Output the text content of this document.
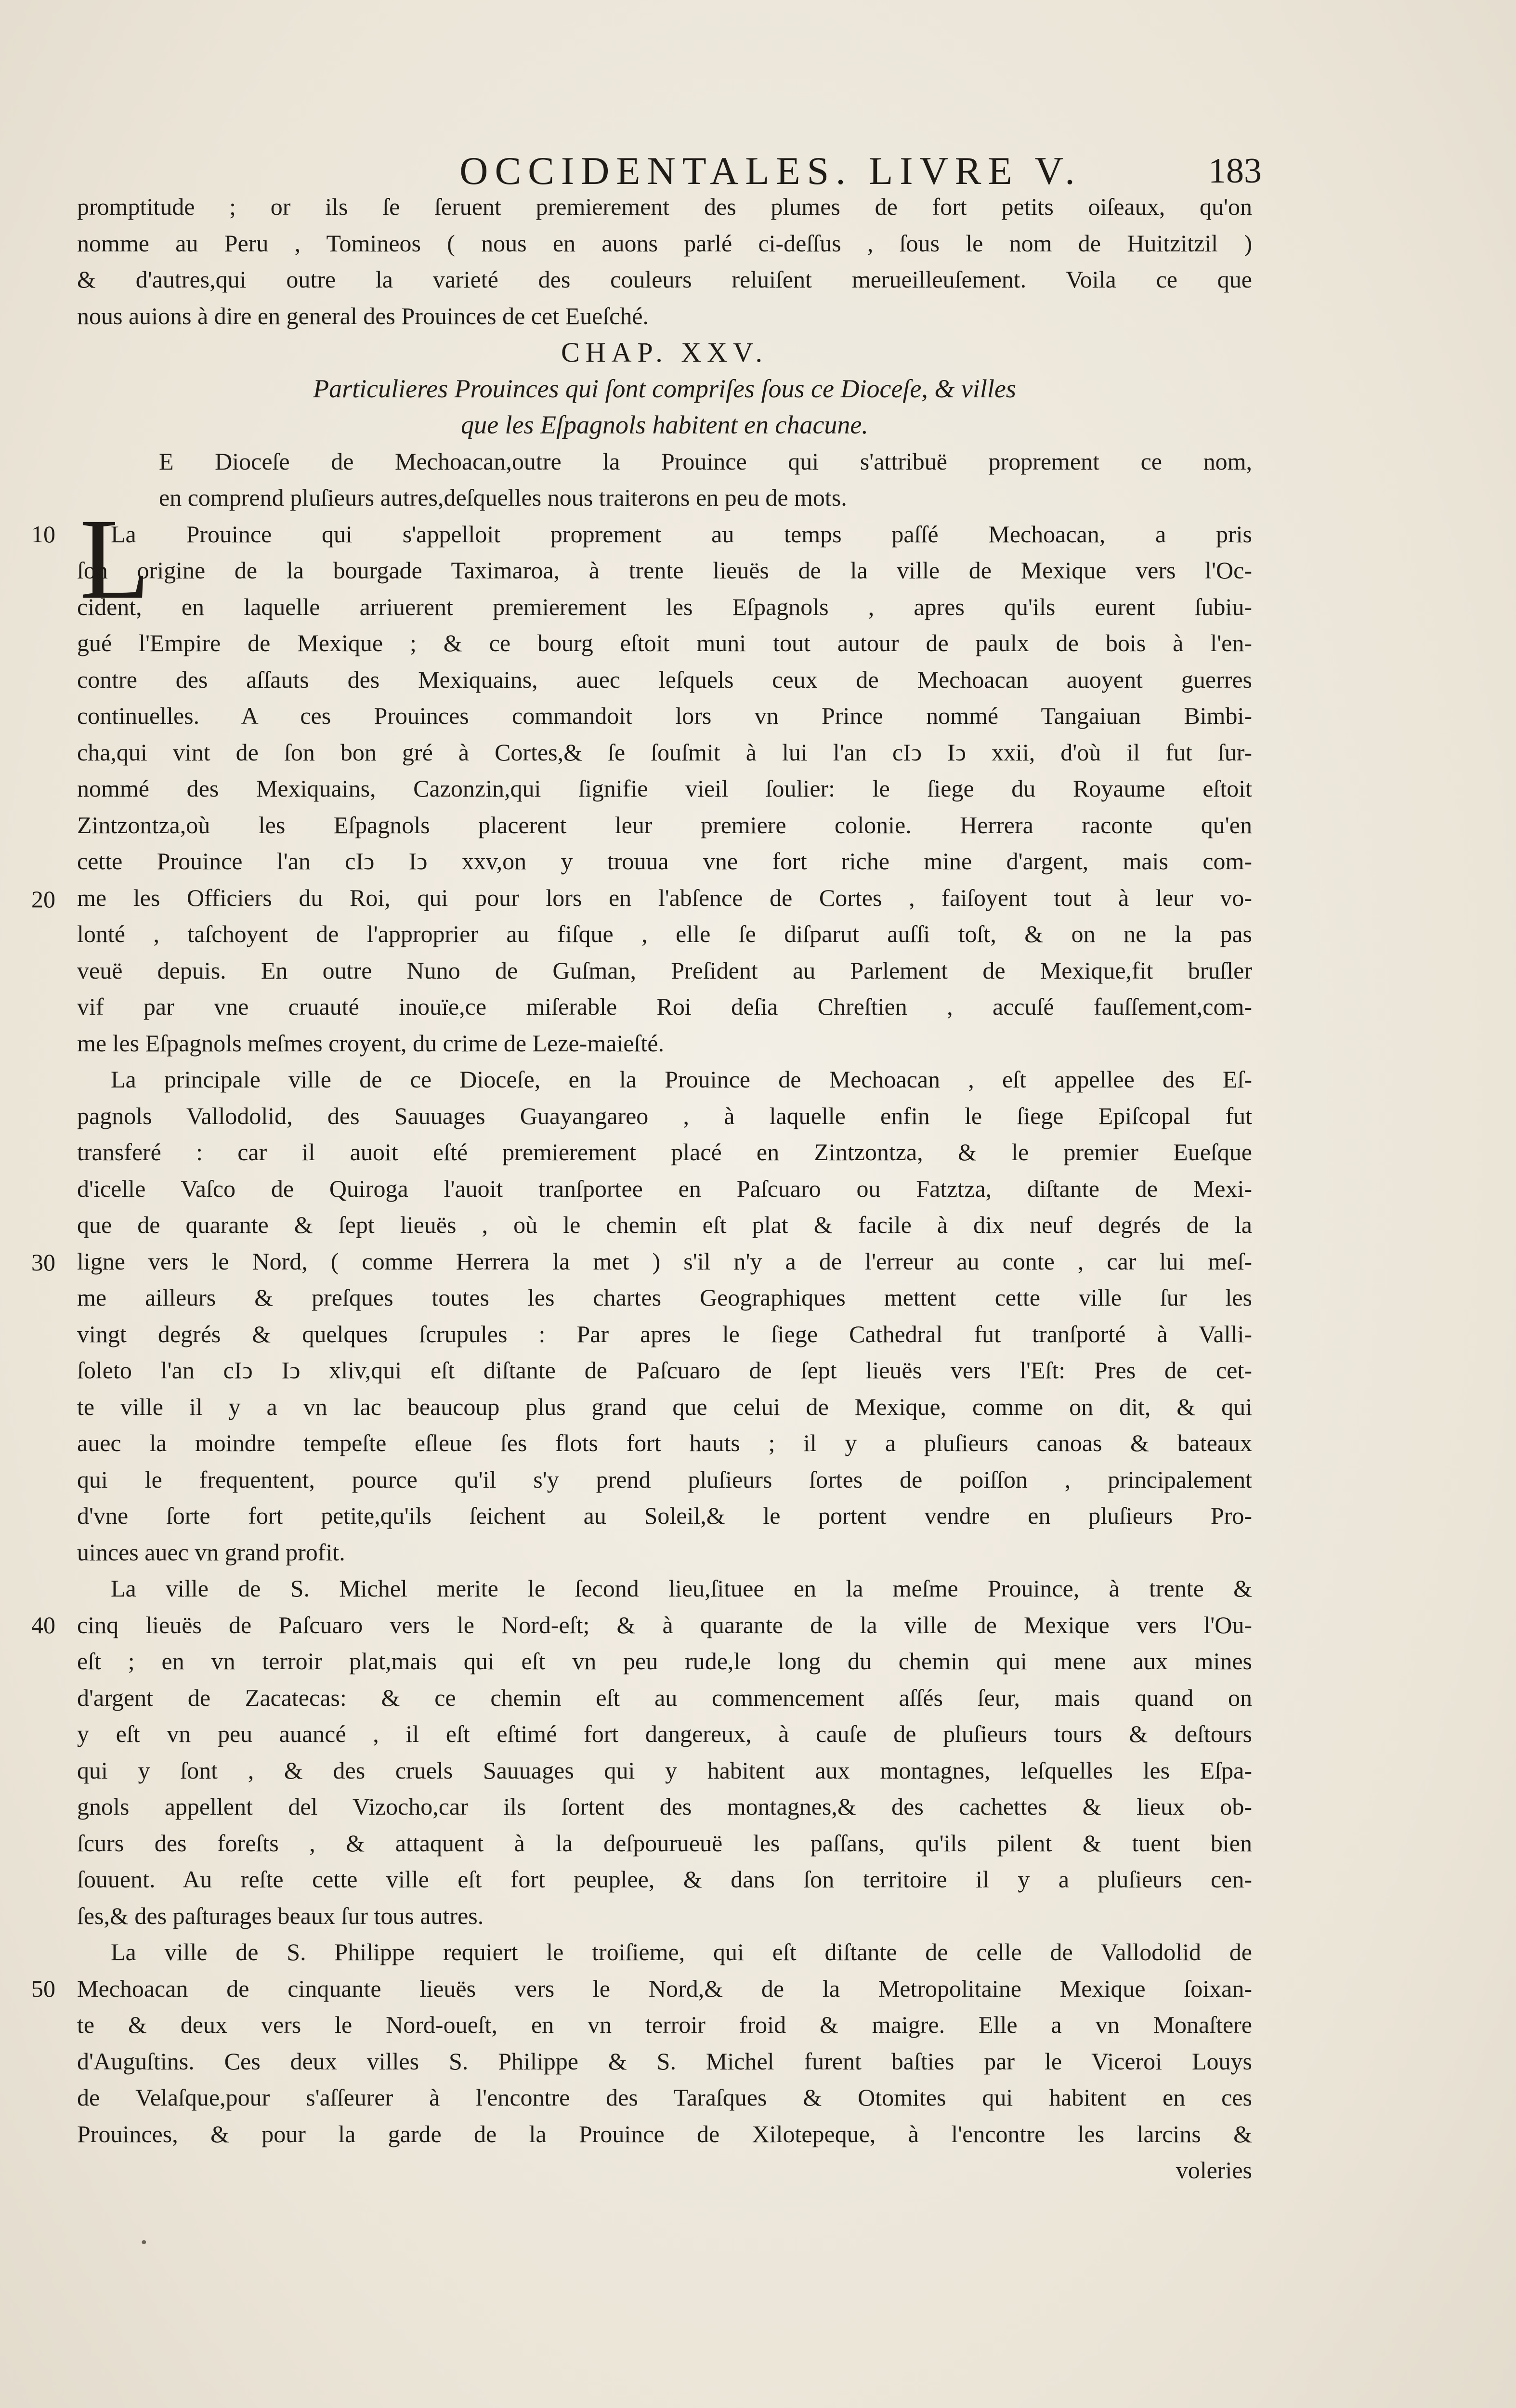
OCCIDENTALES. LIVRE V.	183
L
10
20
30
40
50
promptitude ; or ils ſe ſeruent premierement des plumes de fort petits oiſeaux, qu'on
nomme au Peru , Tomineos ( nous en auons parlé ci-deſſus , ſous le nom de Huitzitzil )
& d'autres,qui outre la varieté des couleurs reluiſent merueilleuſement. Voila ce que
nous auions à dire en general des Prouinces de cet Eueſché.
CHAP. XXV.
Particulieres Prouinces qui ſont compriſes ſous ce Dioceſe, & villes
que les Eſpagnols habitent en chacune.
E Dioceſe de Mechoacan,outre la Prouince qui s'attribuë proprement ce nom,
en comprend pluſieurs autres,deſquelles nous traiterons en peu de mots.
La Prouince qui s'appelloit proprement au temps paſſé Mechoacan, a pris
ſon origine de la bourgade Taximaroa, à trente lieuës de la ville de Mexique vers l'Oc-
cident, en laquelle arriuerent premierement les Eſpagnols , apres qu'ils eurent ſubiu-
gué l'Empire de Mexique ; & ce bourg eſtoit muni tout autour de paulx de bois à l'en-
contre des aſſauts des Mexiquains, auec leſquels ceux de Mechoacan auoyent guerres
continuelles. A ces Prouinces commandoit lors vn Prince nommé Tangaiuan Bimbi-
cha,qui vint de ſon bon gré à Cortes,& ſe ſouſmit à lui l'an cIↄ Iↄ xxii, d'où il fut ſur-
nommé des Mexiquains, Cazonzin,qui ſignifie vieil ſoulier: le ſiege du Royaume eſtoit
Zintzontza,où les Eſpagnols placerent leur premiere colonie. Herrera raconte qu'en
cette Prouince l'an cIↄ Iↄ xxv,on y trouua vne fort riche mine d'argent, mais com-
me les Officiers du Roi, qui pour lors en l'abſence de Cortes , faiſoyent tout à leur vo-
lonté , taſchoyent de l'approprier au fiſque , elle ſe diſparut auſſi toſt, & on ne la pas
veuë depuis. En outre Nuno de Guſman, Preſident au Parlement de Mexique,fit bruſler
vif par vne cruauté inouïe,ce miſerable Roi deſia Chreſtien , accuſé fauſſement,com-
me les Eſpagnols meſmes croyent, du crime de Leze-maieſté.
La principale ville de ce Dioceſe, en la Prouince de Mechoacan , eſt appellee des Eſ-
pagnols Vallodolid, des Sauuages Guayangareo , à laquelle enfin le ſiege Epiſcopal fut
transferé : car il auoit eſté premierement placé en Zintzontza, & le premier Eueſque
d'icelle Vaſco de Quiroga l'auoit tranſportee en Paſcuaro ou Fatztza, diſtante de Mexi-
que de quarante & ſept lieuës , où le chemin eſt plat & facile à dix neuf degrés de la
ligne vers le Nord, ( comme Herrera la met ) s'il n'y a de l'erreur au conte , car lui meſ-
me ailleurs & preſques toutes les chartes Geographiques mettent cette ville ſur les
vingt degrés & quelques ſcrupules : Par apres le ſiege Cathedral fut tranſporté à Valli-
ſoleto l'an cIↄ Iↄ xliv,qui eſt diſtante de Paſcuaro de ſept lieuës vers l'Eſt: Pres de cet-
te ville il y a vn lac beaucoup plus grand que celui de Mexique, comme on dit, & qui
auec la moindre tempeſte eſleue ſes flots fort hauts ; il y a pluſieurs canoas & bateaux
qui le frequentent, pource qu'il s'y prend pluſieurs ſortes de poiſſon , principalement
d'vne ſorte fort petite,qu'ils ſeichent au Soleil,& le portent vendre en pluſieurs Pro-
uinces auec vn grand profit.
La ville de S. Michel merite le ſecond lieu,ſituee en la meſme Prouince, à trente &
cinq lieuës de Paſcuaro vers le Nord-eſt; & à quarante de la ville de Mexique vers l'Ou-
eſt ; en vn terroir plat,mais qui eſt vn peu rude,le long du chemin qui mene aux mines
d'argent de Zacatecas: & ce chemin eſt au commencement aſſés ſeur, mais quand on
y eſt vn peu auancé , il eſt eſtimé fort dangereux, à cauſe de pluſieurs tours & deſtours
qui y ſont , & des cruels Sauuages qui y habitent aux montagnes, leſquelles les Eſpa-
gnols appellent del Vizocho,car ils ſortent des montagnes,& des cachettes & lieux ob-
ſcurs des foreſts , & attaquent à la deſpourueuë les paſſans, qu'ils pilent & tuent bien
ſouuent. Au reſte cette ville eſt fort peuplee, & dans ſon territoire il y a pluſieurs cen-
ſes,& des paſturages beaux ſur tous autres.
La ville de S. Philippe requiert le troiſieme, qui eſt diſtante de celle de Vallodolid de
Mechoacan de cinquante lieuës vers le Nord,& de la Metropolitaine Mexique ſoixan-
te & deux vers le Nord-oueſt, en vn terroir froid & maigre. Elle a vn Monaſtere
d'Auguſtins. Ces deux villes S. Philippe & S. Michel furent baſties par le Viceroi Louys
de Velaſque,pour s'aſſeurer à l'encontre des Taraſques & Otomites qui habitent en ces
Prouinces, & pour la garde de la Prouince de Xilotepeque, à l'encontre les larcins &
voleries
•
